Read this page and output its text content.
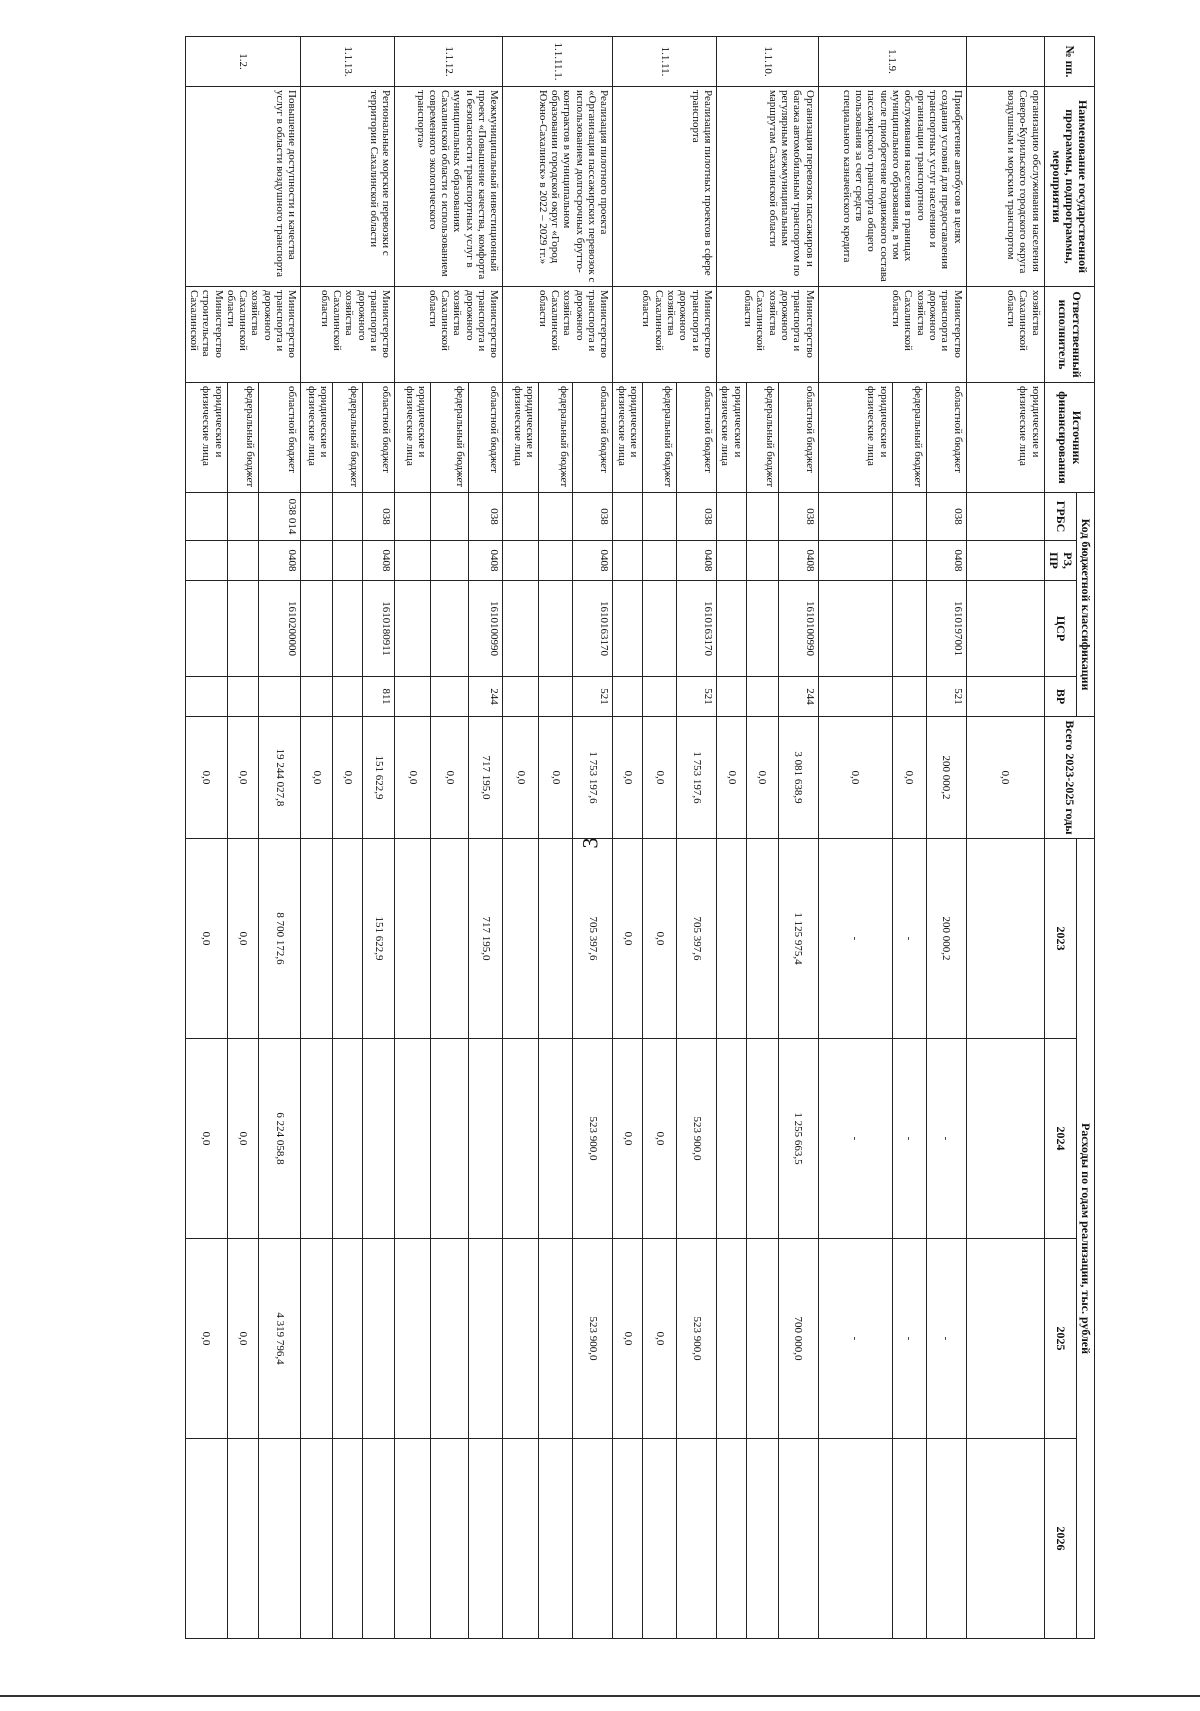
3
№ пп.	Наименование государственной программы, подпрограммы, мероприятия	Ответственный исполнитель	Источник финансирования	Код бюджетной классификации				Всего 2023-2025 годы	Расходы по годам реализации, тыс. рублей			
				ГРБС	РЗ, ПР	ЦСР	ВР		2023	2024	2025	2026
	организацию обслуживания населения Северо-Курильского городского округа воздушным и морским транспортом	хозяйства Сахалинской области	юридические и физические лица					0,0				
1.1.9.	Приобретение автобусов в целях создания условий для предоставления транспортных услуг населению и организации транспортного обслуживания населения в границах муниципального образования, в том числе приобретение подвижного состава пассажирского транспорта общего пользования за счет средств специального казначейского кредита	Министерство транспорта и дорожного хозяйства Сахалинской области	областной бюджет	038	0408	1610197001	521	200 000,2	200 000,2	-	-	
			федеральный бюджет					0,0	-	-	-	
			юридические и физические лица					0,0	-	-	-	
1.1.10.	Организация перевозок пассажиров и багажа автомобильным транспортом по регулярным межмуниципальным маршрутам Сахалинской области	Министерство транспорта и дорожного хозяйства Сахалинской области	областной бюджет	038	0408	1610100990	244	3 081 638,9	1 125 975,4	1 255 663,5	700 000,0	
			федеральный бюджет					0,0				
			юридические и физические лица					0,0				
1.1.11.	Реализация пилотных проектов в сфере транспорта	Министерство транспорта и дорожного хозяйства Сахалинской области	областной бюджет	038	0408	1610163170	521	1 753 197,6	705 397,6	523 900,0	523 900,0	
			федеральный бюджет					0,0	0,0	0,0	0,0	
			юридические и физические лица					0,0	0,0	0,0	0,0	
1.1.11.1.	Реализация пилотного проекта «Организация пассажирских перевозок с использованием долгосрочных брутто-контрактов в муниципальном образовании городской округ «Город Южно-Сахалинск» в 2022 – 2029 гг.»	Министерство транспорта и дорожного хозяйства Сахалинской области	областной бюджет	038	0408	1610163170	521	1 753 197,6	705 397,6	523 900,0	523 900,0	
			федеральный бюджет					0,0				
			юридические и физические лица					0,0				
1.1.12.	Межмуниципальный инвестиционный проект «Повышение качества, комфорта и безопасности транспортных услуг в муниципальных образованиях Сахалинской области с использованием современного экологического транспорта»	Министерство транспорта и дорожного хозяйства Сахалинской области	областной бюджет	038	0408	1610100990	244	717 195,0	717 195,0			
			федеральный бюджет					0,0				
			юридические и физические лица					0,0				
1.1.13.	Региональные морские перевозки с территории Сахалинской области	Министерство транспорта и дорожного хозяйства Сахалинской области	областной бюджет	038	0408	1610180911	811	151 622,9	151 622,9			
			федеральный бюджет					0,0				
			юридические и физические лица					0,0				
1.2.	Повышение доступности и качества услуг в области воздушного транспорта	Министерство транспорта и дорожного хозяйства Сахалинской области Министерство строительства Сахалинской	областной бюджет	038 014	0408	1610200000		19 244 027,8	8 700 172,6	6 224 058,8	4 319 796,4	
			федеральный бюджет					0,0	0,0	0,0	0,0	
			юридические и физические лица					0,0	0,0	0,0	0,0	
